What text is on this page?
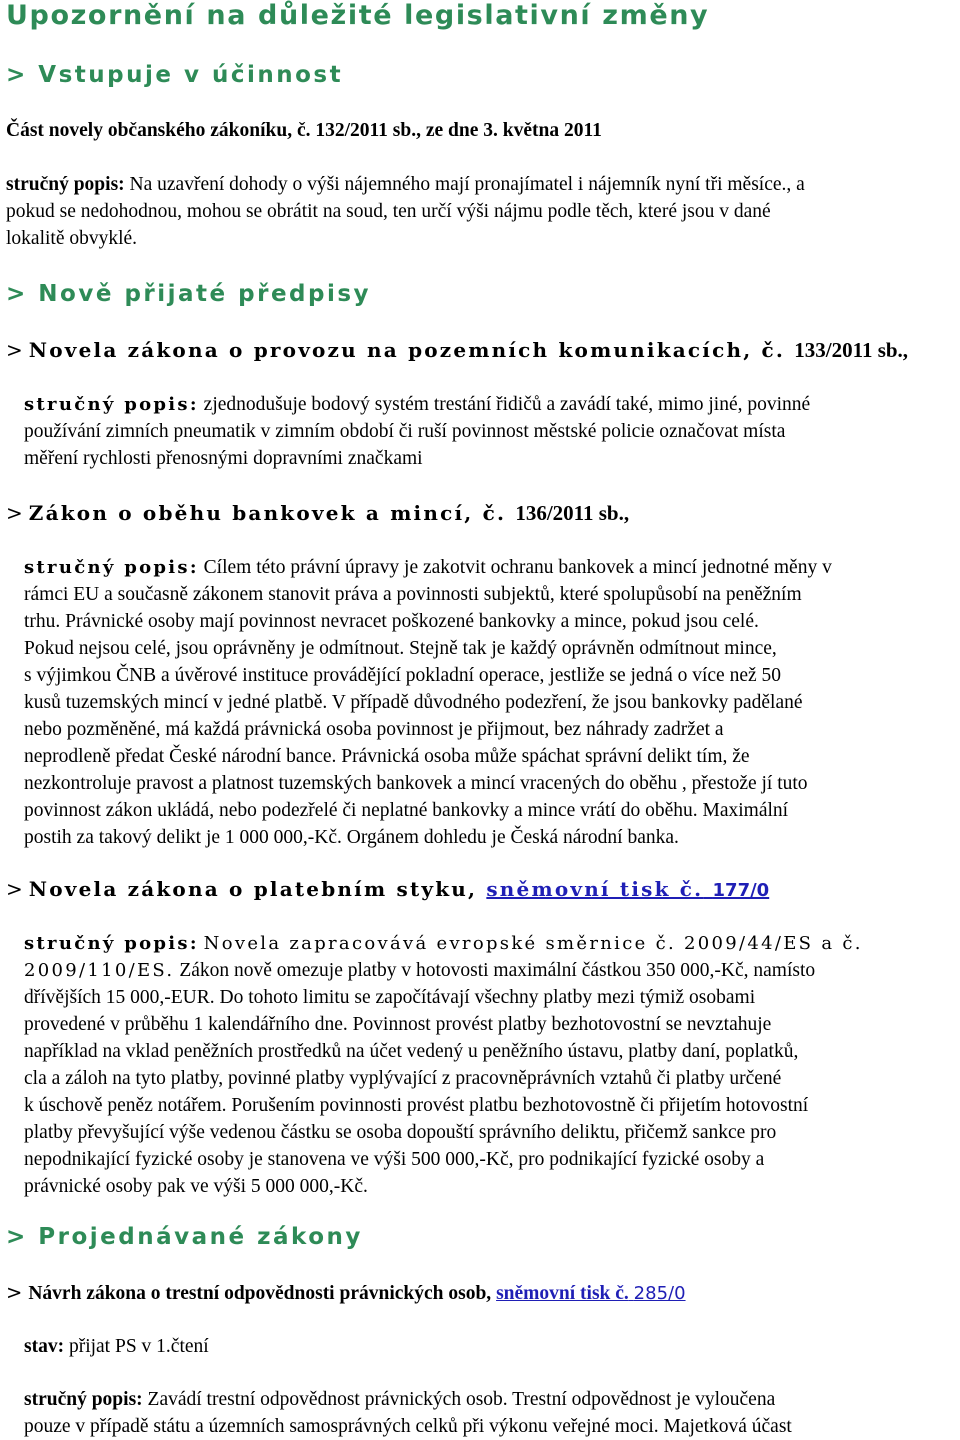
Upozornění na důležité legislativní změny
> Vstupuje v účinnost

Část novely občanského zákoníku, č. 132/2011 sb., ze dne 3. května 2011

stručný popis: Na uzavření dohody o výši nájemného mají pronajímatel i nájemník nyní tři měsíce., a
pokud se nedohodnou, mohou se obrátit na soud, ten určí výši nájmu podle těch, které jsou v dané
lokalitě obvyklé.

> Nově přijaté předpisy

> Novela zákona o provozu na pozemních komunikacích, č. 133/2011 sb.,

stručný popis: zjednodušuje bodový systém trestání řidičů a zavádí také, mimo jiné, povinné
používání zimních pneumatik v zimním období či ruší povinnost městské policie označovat místa
měření rychlosti přenosnými dopravními značkami

> Zákon o oběhu bankovek a mincí, č. 136/2011 sb.,

stručný popis: Cílem této právní úpravy je zakotvit ochranu bankovek a mincí jednotné měny v
rámci EU a současně zákonem stanovit práva a povinnosti subjektů, které spolupůsobí na peněžním
trhu. Právnické osoby mají povinnost nevracet poškozené bankovky a mince, pokud jsou celé.
Pokud nejsou celé, jsou oprávněny je odmítnout. Stejně tak je každý oprávněn odmítnout mince,
s výjimkou ČNB a úvěrové instituce provádějící pokladní operace, jestliže se jedná o více než 50
kusů tuzemských mincí v jedné platbě. V případě důvodného podezření, že jsou bankovky padělané
nebo pozměněné, má každá právnická osoba povinnost je přijmout, bez náhrady zadržet a
neprodleně předat České národní bance. Právnická osoba může spáchat správní delikt tím, že
nezkontroluje pravost a platnost tuzemských bankovek a mincí vracených do oběhu , přestože jí tuto
povinnost zákon ukládá, nebo podezřelé či neplatné bankovky a mince vrátí do oběhu. Maximální
postih za takový delikt je 1 000 000,-Kč. Orgánem dohledu je Česká národní banka.

> Novela zákona o platebním styku, sněmovní tisk č. 177/0

stručný popis: Novela zapracovává evropské směrnice č. 2009/44/ES a č.
2009/110/ES. Zákon nově omezuje platby v hotovosti maximální částkou 350 000,-Kč, namísto
dřívějších 15 000,-EUR. Do tohoto limitu se započítávají všechny platby mezi týmiž osobami
provedené v průběhu 1 kalendářního dne. Povinnost provést platby bezhotovostní se nevztahuje
například na vklad peněžních prostředků na účet vedený u peněžního ústavu, platby daní, poplatků,
cla a záloh na tyto platby, povinné platby vyplývající z pracovněprávních vztahů či platby určené
k úschově peněz notářem. Porušením povinnosti provést platbu bezhotovostně či přijetím hotovostní
platby převyšující výše vedenou částku se osoba dopouští správního deliktu, přičemž sankce pro
nepodnikající fyzické osoby je stanovena ve výši 500 000,-Kč, pro podnikající fyzické osoby a
právnické osoby pak ve výši 5 000 000,-Kč.

> Projednávané zákony

> Návrh zákona o trestní odpovědnosti právnických osob, sněmovní tisk č. 285/0

stav: přijat PS v 1.čtení

stručný popis: Zavádí trestní odpovědnost právnických osob. Trestní odpovědnost je vyloučena
pouze v případě státu a územních samosprávných celků při výkonu veřejné moci. Majetková účast
